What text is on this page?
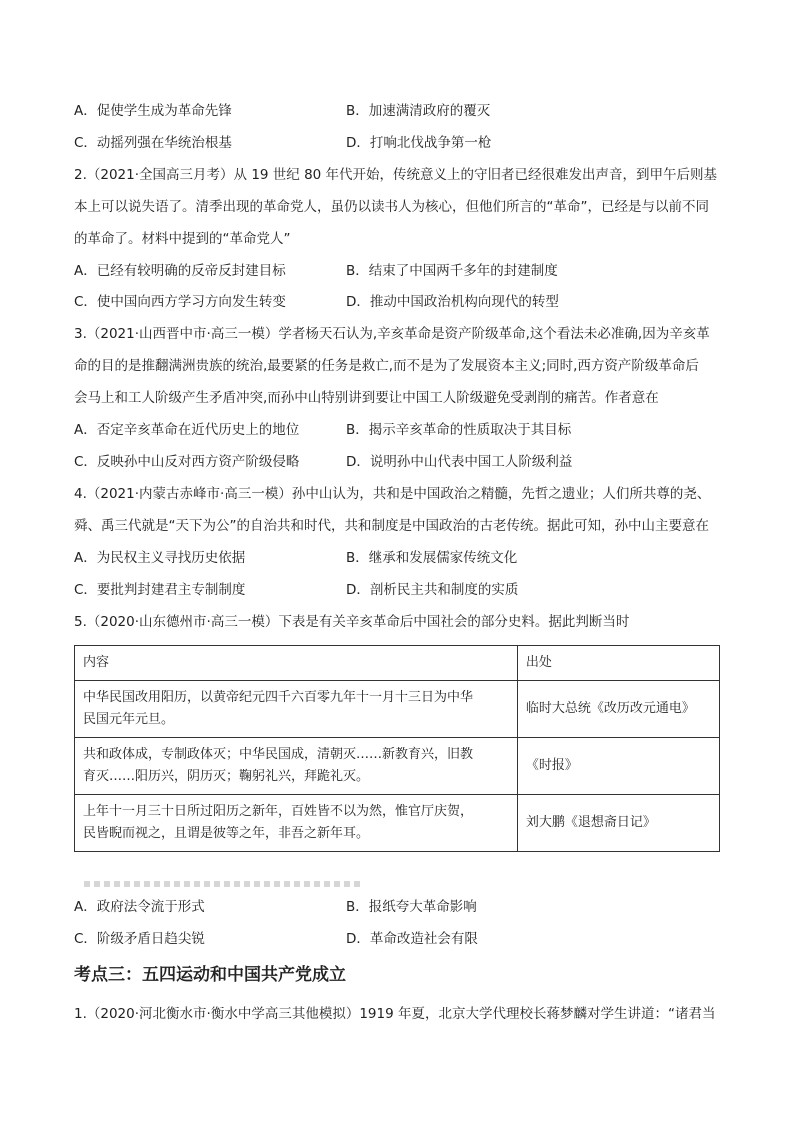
A．促使学生成为革命先锋	B．加速满清政府的覆灭
C．动摇列强在华统治根基	D．打响北伐战争第一枪
2.（2021·全国高三月考）从 19 世纪 80 年代开始，传统意义上的守旧者已经很难发出声音，到甲午后则基
本上可以说失语了。清季出现的革命党人，虽仍以读书人为核心，但他们所言的“革命”，已经是与以前不同
的革命了。材料中提到的“革命党人”
A．已经有较明确的反帝反封建目标	B．结束了中国两千多年的封建制度
C．使中国向西方学习方向发生转变	D．推动中国政治机构向现代的转型
3.（2021·山西晋中市·高三一模）学者杨天石认为,辛亥革命是资产阶级革命,这个看法未必准确,因为辛亥革
命的目的是推翻满洲贵族的统治,最要紧的任务是救亡,而不是为了发展资本主义;同时,西方资产阶级革命后
会马上和工人阶级产生矛盾冲突,而孙中山特别讲到要让中国工人阶级避免受剥削的痛苦。作者意在
A．否定辛亥革命在近代历史上的地位	B．揭示辛亥革命的性质取决于其目标
C．反映孙中山反对西方资产阶级侵略	D．说明孙中山代表中国工人阶级利益
4.（2021·内蒙古赤峰市·高三一模）孙中山认为，共和是中国政治之精髓，先哲之遗业；人们所共尊的尧、
舜、禹三代就是“天下为公”的自治共和时代，共和制度是中国政治的古老传统。据此可知，孙中山主要意在
A．为民权主义寻找历史依据	B．继承和发展儒家传统文化
C．要批判封建君主专制制度	D．剖析民主共和制度的实质
5.（2020·山东德州市·高三一模）下表是有关辛亥革命后中国社会的部分史料。据此判断当时
内容	出处

中华民国改用阳历，以黄帝纪元四千六百零九年十一月十三日为中华
民国元年元旦。	临时大总统《改历改元通电》

共和政体成，专制政体灭；中华民国成，清朝灭……新教育兴，旧教
育灭……阳历兴，阴历灭；鞠躬礼兴，拜跪礼灭。	《时报》

上年十一月三十日所过阳历之新年，百姓皆不以为然，惟官厅庆贺，
民皆睨而视之，且谓是彼等之年，非吾之新年耳。	刘大鹏《退想斋日记》
A．政府法令流于形式	B．报纸夸大革命影响
C．阶级矛盾日趋尖锐	D．革命改造社会有限
考点三：五四运动和中国共产党成立
1.（2020·河北衡水市·衡水中学高三其他模拟）1919 年夏，北京大学代理校长蒋梦麟对学生讲道：“诸君当
